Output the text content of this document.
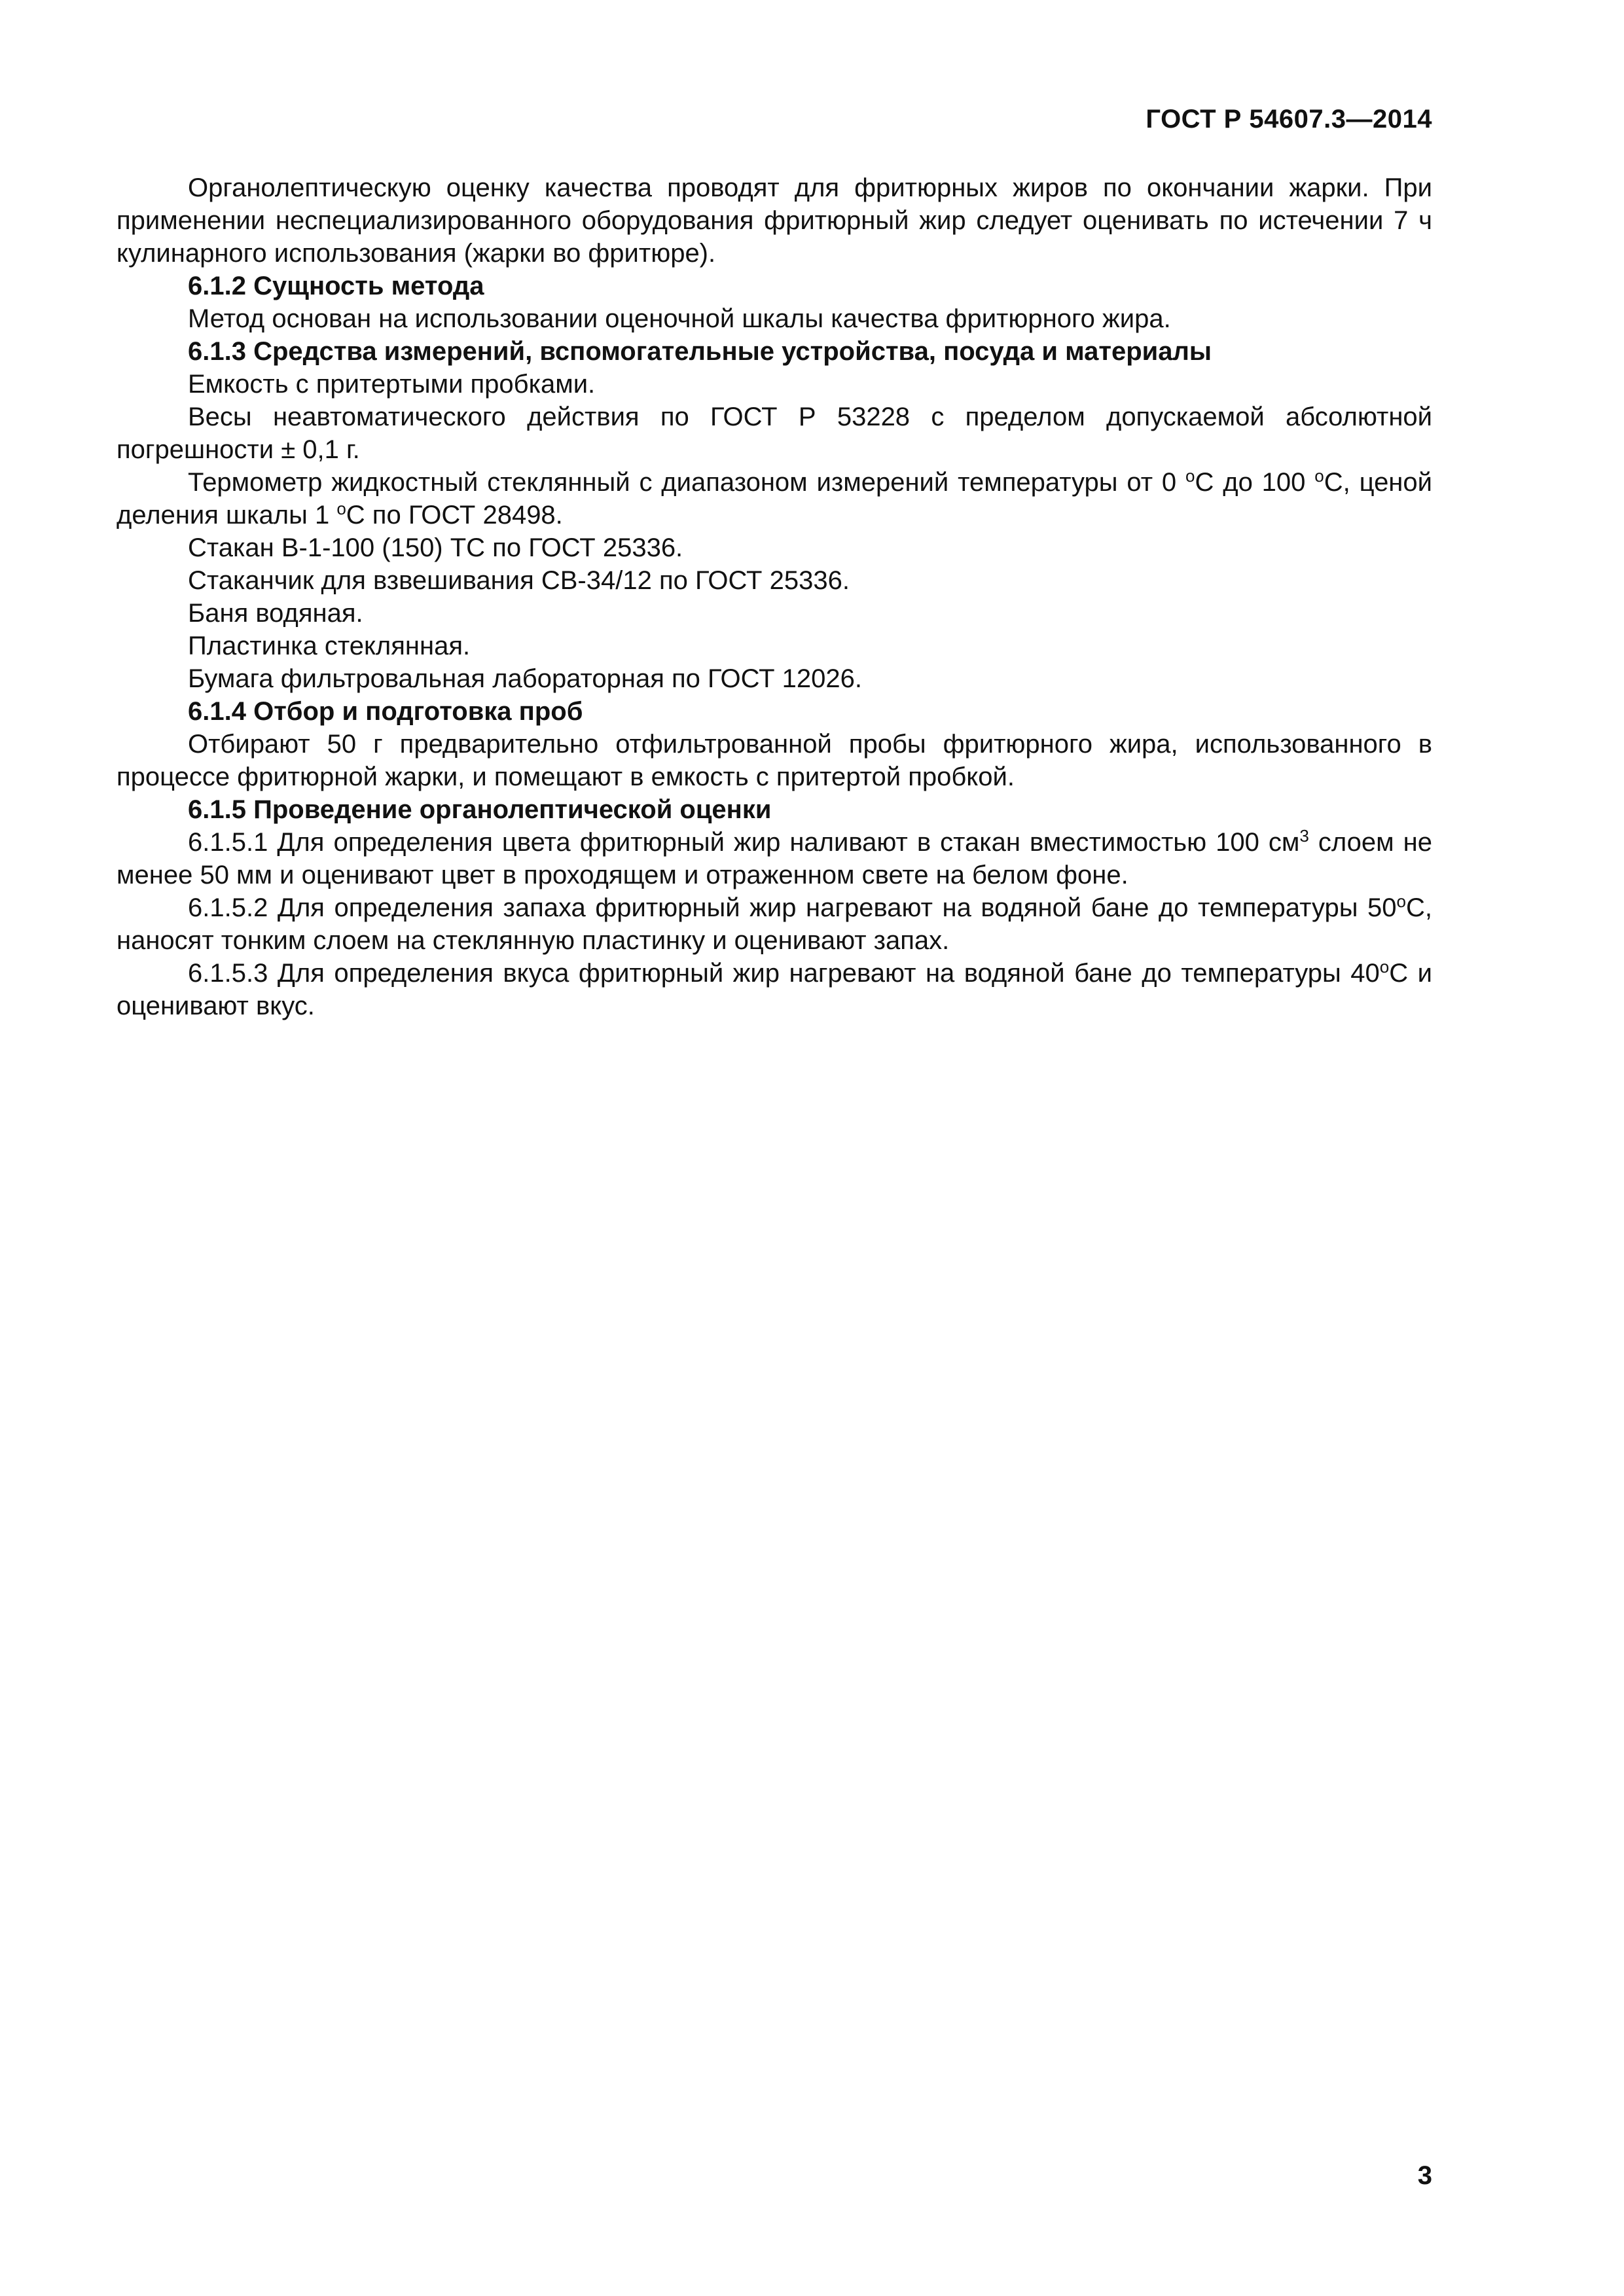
ГОСТ Р 54607.3—2014

Органолептическую оценку качества проводят для фритюрных жиров по окончании жарки. При применении неспециализированного оборудования фритюрный жир следует оценивать по истечении 7 ч кулинарного использования (жарки во фритюре).

6.1.2 Сущность метода

Метод основан на использовании оценочной шкалы качества фритюрного жира.

6.1.3 Средства измерений, вспомогательные устройства, посуда и материалы

Емкость с притертыми пробками.

Весы неавтоматического действия по ГОСТ Р 53228 с пределом допускаемой абсолютной погрешности ± 0,1 г.

Термометр жидкостный стеклянный с диапазоном измерений температуры от 0 $^о$С до 100 $^о$С, ценой деления шкалы 1 $^о$С по ГОСТ 28498.

Стакан В-1-100 (150) ТС по ГОСТ 25336.

Стаканчик для взвешивания СВ-34/12 по ГОСТ 25336.

Баня водяная.

Пластинка стеклянная.

Бумага фильтровальная лабораторная по ГОСТ 12026.

6.1.4 Отбор и подготовка проб

Отбирают 50 г предварительно отфильтрованной пробы фритюрного жира, использованного в процессе фритюрной жарки, и помещают в емкость с притертой пробкой.

6.1.5 Проведение органолептической оценки

6.1.5.1 Для определения цвета фритюрный жир наливают в стакан вместимостью 100 $см^3$ слоем не менее 50 мм и оценивают цвет в проходящем и отраженном свете на белом фоне.

6.1.5.2 Для определения запаха фритюрный жир нагревают на водяной бане до температуры $50^оС$, наносят тонким слоем на стеклянную пластинку и оценивают запах.

6.1.5.3 Для определения вкуса фритюрный жир нагревают на водяной бане до температуры $40^оС$ и оценивают вкус.

3
